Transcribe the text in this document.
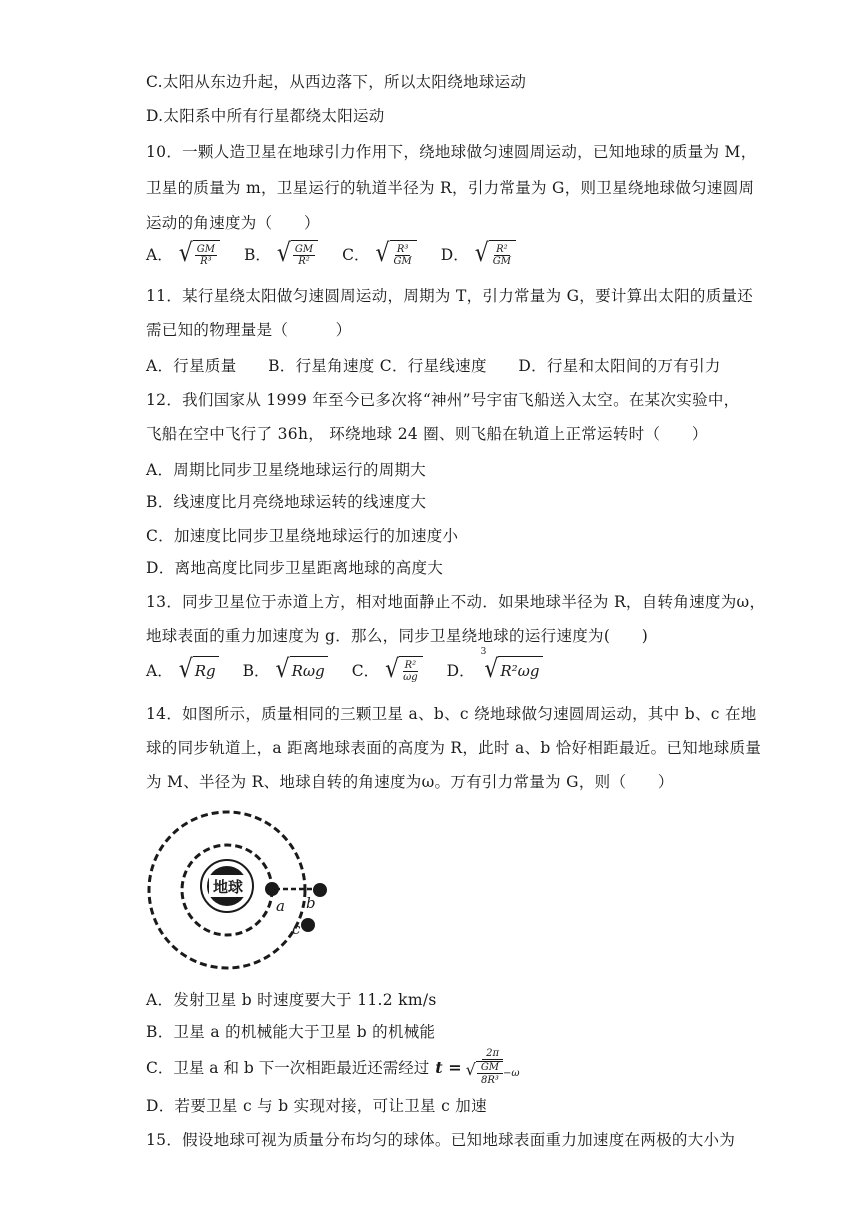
C.太阳从东边升起，从西边落下，所以太阳绕地球运动
D.太阳系中所有行星都绕太阳运动
10．一颗人造卫星在地球引力作用下，绕地球做匀速圆周运动，已知地球的质量为 M，
卫星的质量为 m，卫星运行的轨道半径为 R，引力常量为 G，则卫星绕地球做匀速圆周
运动的角速度为（　　）
A． √ $\frac{GM}{\text{R³}}$ B． √ $\frac{GM}{\text{R²}}$ C． √ $\frac{\text{R³}}{GM}$ D． √ $\frac{\text{R²}}{GM}$
11．某行星绕太阳做匀速圆周运动，周期为 T，引力常量为 G，要计算出太阳的质量还
需已知的物理量是（　　　）
A．行星质量　　B．行星角速度 C．行星线速度　　D．行星和太阳间的万有引力
12．我们国家从 1999 年至今已多次将“神州”号宇宙飞船送入太空。在某次实验中，
飞船在空中飞行了 36h， 环绕地球 24 圈、则飞船在轨道上正常运转时（　　）
A．周期比同步卫星绕地球运行的周期大
B．线速度比月亮绕地球运转的线速度大
C．加速度比同步卫星绕地球运行的加速度小
D．离地高度比同步卫星距离地球的高度大
13．同步卫星位于赤道上方，相对地面静止不动．如果地球半径为 R，自转角速度为ω，
地球表面的重力加速度为 g．那么，同步卫星绕地球的运行速度为(　　)
A． √ Rg B． √ Rωg C． √ $\frac{\text{R²}}{\omega g}$ D．
3
√ R²ωg
14．如图所示，质量相同的三颗卫星 a、b、c 绕地球做匀速圆周运动，其中 b、c 在地
球的同步轨道上，a 距离地球表面的高度为 R，此时 a、b 恰好相距最近。已知地球质量
为 M、半径为 R、地球自转的角速度为ω。万有引力常量为 G，则（　　）
地球
a b
c
A．发射卫星 b 时速度要大于 11.2 km/s
B．卫星 a 的机械能大于卫星 b 的机械能
C．卫星 a 和 b 下一次相距最近还需经过 $t = \frac{2\pi}{√ \frac{GM}{\text{8R³}} -\omega}$
D．若要卫星 c 与 b 实现对接，可让卫星 c 加速
15．假设地球可视为质量分布均匀的球体。已知地球表面重力加速度在两极的大小为
